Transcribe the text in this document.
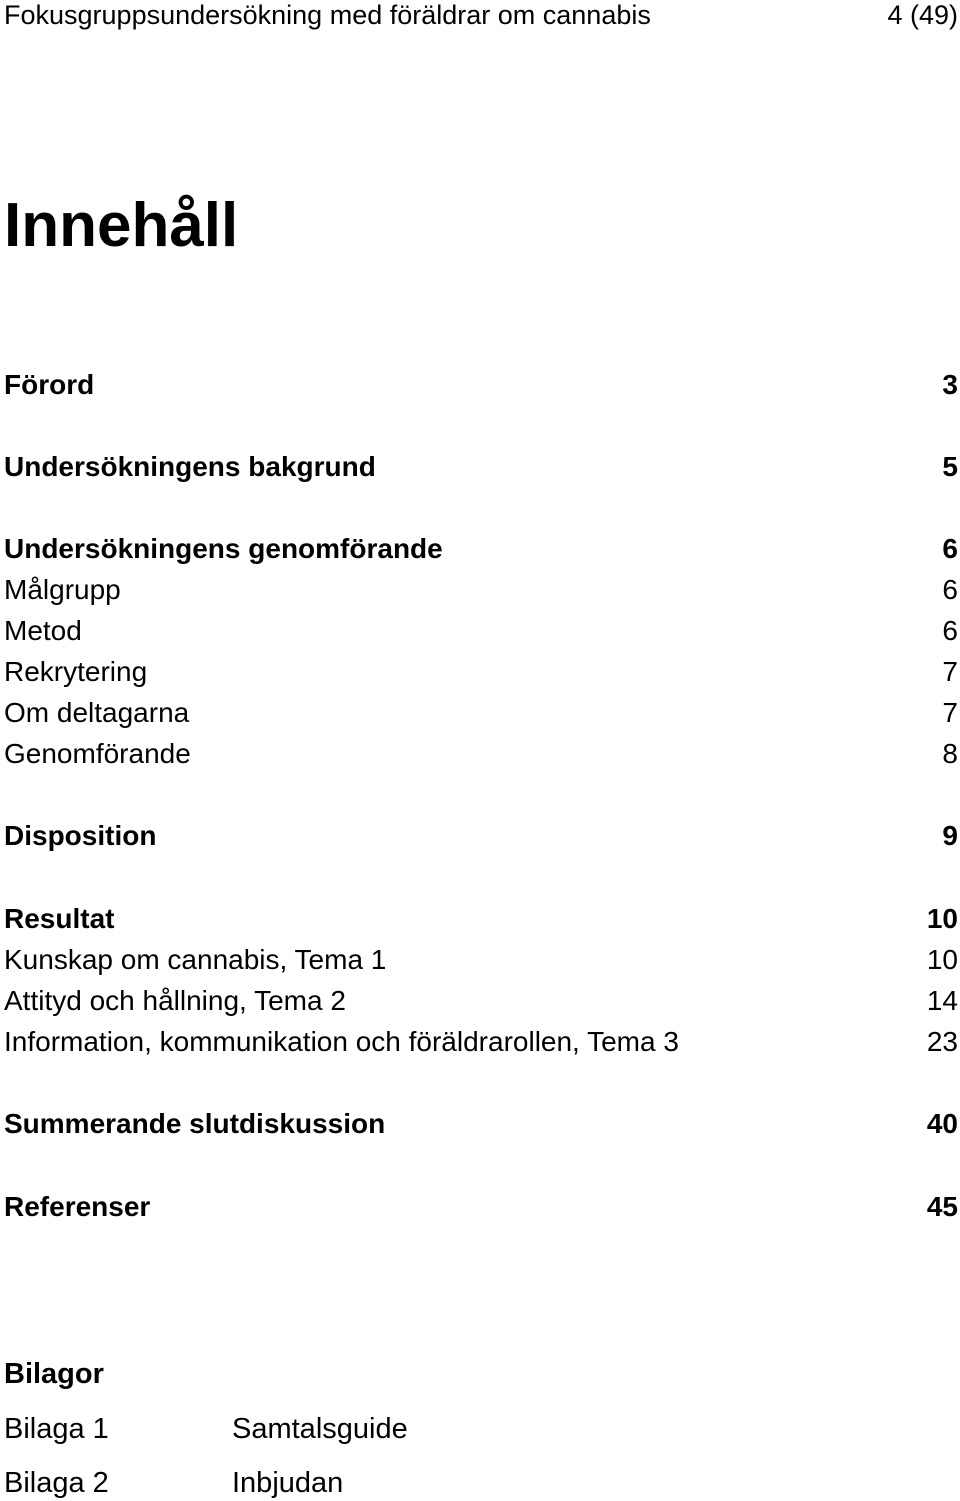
Fokusgruppsundersökning med föräldrar om cannabis	4 (49)
Innehåll
Förord	3
Undersökningens bakgrund	5
Undersökningens genomförande	6
Målgrupp	6
Metod	6
Rekrytering	7
Om deltagarna	7
Genomförande	8
Disposition	9
Resultat	10
Kunskap om cannabis, Tema 1	10
Attityd och hållning, Tema 2	14
Information, kommunikation och föräldrarollen, Tema 3	23
Summerande slutdiskussion	40
Referenser	45
Bilagor
Bilaga 1	Samtalsguide
Bilaga 2	Inbjudan
